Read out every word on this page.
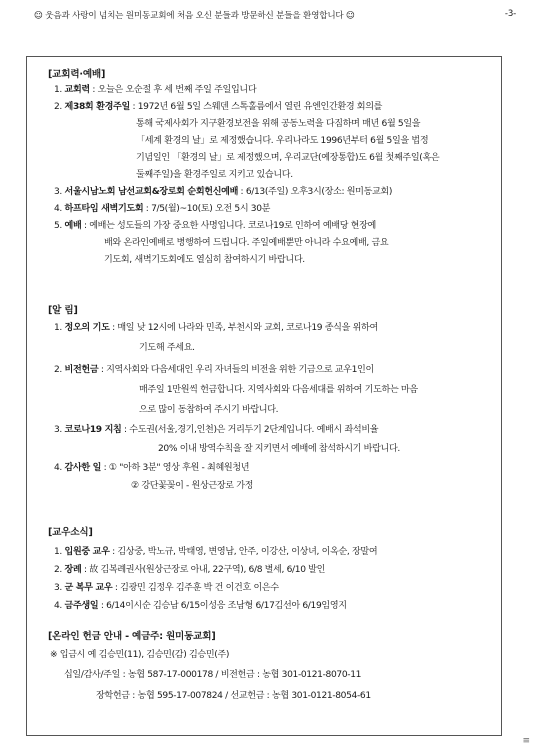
☺ 웃음과 사랑이 넘치는 원미동교회에 처음 오신 분들과 방문하신 분들을 환영합니다 ☺	-3-
[교회력·예배]
1. 교회력 : 오늘은 오순절 후 세 번째 주일 주일입니다
2. 제38회 환경주일 : 1972년 6월 5일 스웨덴 스톡홀름에서 열린 유엔인간환경 회의를
통해 국제사회가 지구환경보전을 위해 공동노력을 다짐하며 매년 6월 5일을
「세계 환경의 날」로 제정했습니다. 우리나라도 1996년부터 6월 5일을 법정
기념일인 「환경의 날」로 제정했으며, 우리교단(예장통합)도 6월 첫째주일(혹은
둘째주일)을 환경주일로 지키고 있습니다.
3. 서울시남노회 남선교회&장로회 순회헌신예배 : 6/13(주일) 오후3시(장소: 원미동교회)
4. 하프타임 새벽기도회 : 7/5(월)~10(토) 오전 5시 30분
5. 예배 : 예배는 성도들의 가장 중요한 사명입니다. 코로나19로 인하여 예배당 현장예
배와 온라인예배로 병행하여 드립니다. 주일예배뿐만 아니라 수요예배, 금요
기도회, 새벽기도회에도 열심히 참여하시기 바랍니다.
[알 림]
1. 정오의 기도 : 매일 낮 12시에 나라와 민족, 부천시와 교회, 코로나19 종식을 위하여
기도해 주세요.
2. 비전헌금 : 지역사회와 다음세대인 우리 자녀들의 비전을 위한 기금으로 교우1인이
매주일 1만원씩 헌금합니다. 지역사회와 다음세대를 위하여 기도하는 마음
으로 많이 동참하여 주시기 바랍니다.
3. 코로나19 지침 : 수도권(서울,경기,인천)은 거리두기 2단계입니다. 예배시 좌석비율
20% 이내 방역수칙을 잘 지키면서 예배에 참석하시기 바랍니다.
4. 감사한 일 : ① "아하 3분" 영상 후원 - 최혜원청년
② 강단꽃꽂이 - 원상근장로 가정
[교우소식]
1. 입원중 교우 : 김상중, 박노규, 박태영, 변영남, 안주, 이강산, 이상녀, 이옥순, 장말여
2. 장례 : 故 김복례권사(원상근장로 아내, 22구역), 6/8 별세, 6/10 발인
3. 군 복무 교우 : 김광민 김정우 김주훈 박 건 이건호 이은수
4. 금주생일 : 6/14이시순 김승남 6/15이성응 조남형 6/17김선아 6/19임영지
[온라인 헌금 안내 - 예금주: 원미동교회]
※ 입금시 예 김승민(11), 김승민(감) 김승민(주)
십일/감사/주일 : 농협 587-17-000178 / 비전헌금 : 농협 301-0121-8070-11
장학헌금 : 농협 595-17-007824 / 선교헌금 : 농협 301-0121-8054-61
≡
